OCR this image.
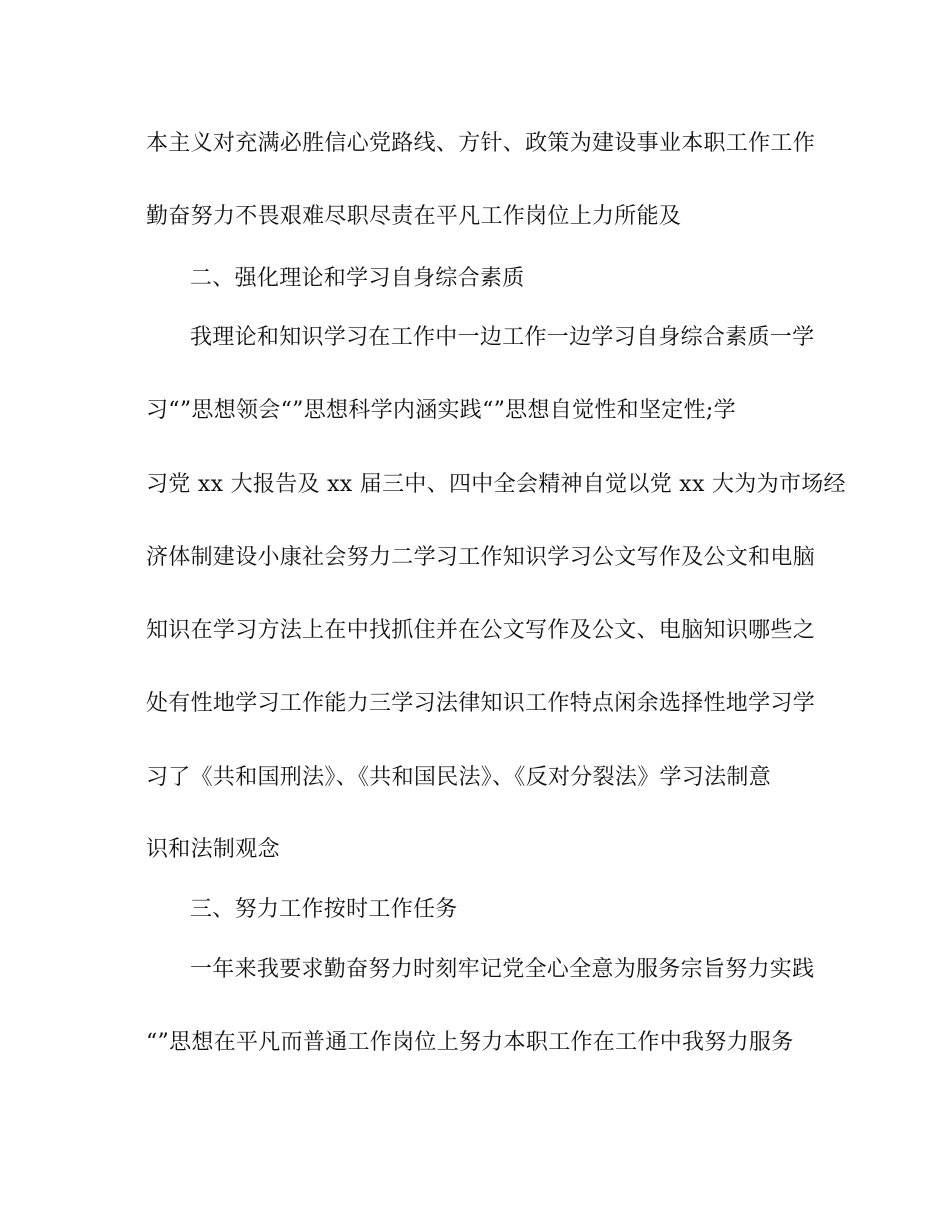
本主义对充满必胜信心党路线、方针、政策为建设事业本职工作工作
勤奋努力不畏艰难尽职尽责在平凡工作岗位上力所能及
二、强化理论和学习自身综合素质
我理论和知识学习在工作中一边工作一边学习自身综合素质一学
习“”思想领会“”思想科学内涵实践“”思想自觉性和坚定性;学
习党 xx 大报告及 xx 届三中、四中全会精神自觉以党 xx 大为为市场经
济体制建设小康社会努力二学习工作知识学习公文写作及公文和电脑
知识在学习方法上在中找抓住并在公文写作及公文、电脑知识哪些之
处有性地学习工作能力三学习法律知识工作特点闲余选择性地学习学
习了《共和国刑法》、《共和国民法》、《反对分裂法》学习法制意
识和法制观念
三、努力工作按时工作任务
一年来我要求勤奋努力时刻牢记党全心全意为服务宗旨努力实践
“”思想在平凡而普通工作岗位上努力本职工作在工作中我努力服务
